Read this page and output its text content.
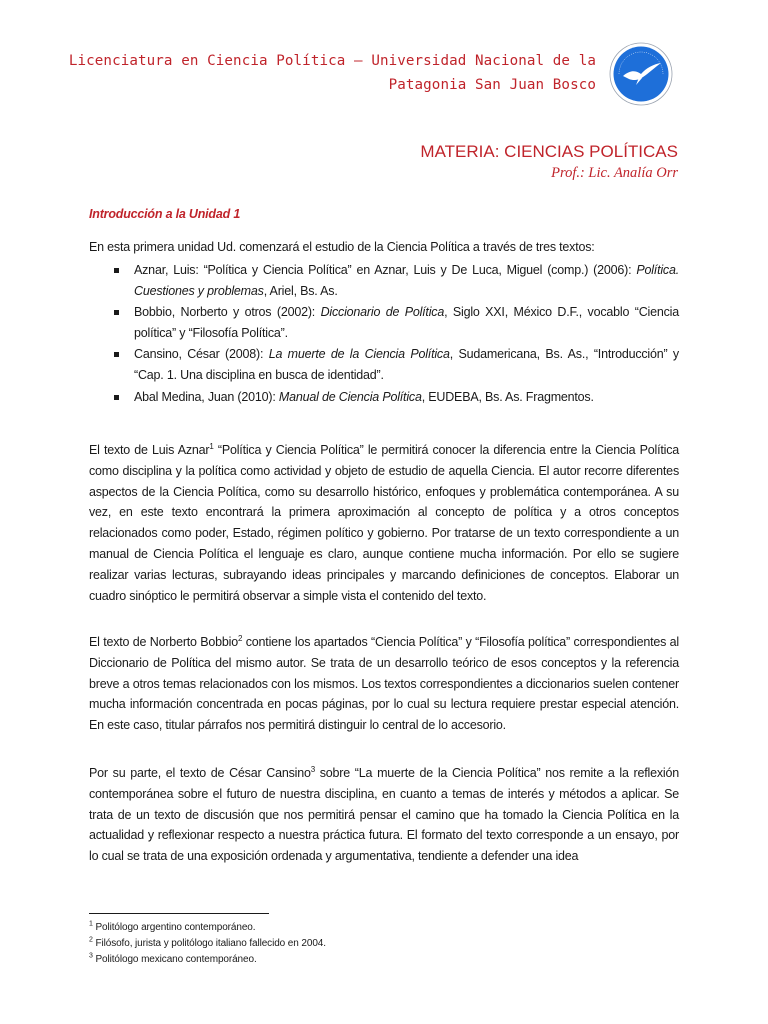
Licenciatura en Ciencia Política – Universidad Nacional de la
Patagonia San Juan Bosco
MATERIA: CIENCIAS POLÍTICAS
Prof.: Lic. Analía Orr
Introducción a la Unidad 1
En esta primera unidad Ud. comenzará el estudio de la Ciencia Política a través de tres textos:
Aznar, Luis: “Política y Ciencia Política” en Aznar, Luis y De Luca, Miguel (comp.) (2006): Política. Cuestiones y problemas, Ariel, Bs. As.
Bobbio, Norberto y otros (2002): Diccionario de Política, Siglo XXI, México D.F., vocablo “Ciencia política” y “Filosofía Política”.
Cansino, César (2008): La muerte de la Ciencia Política, Sudamericana, Bs. As., “Introducción” y “Cap. 1. Una disciplina en busca de identidad”.
Abal Medina, Juan (2010): Manual de Ciencia Política, EUDEBA, Bs. As. Fragmentos.

El texto de Luis Aznar$^1$ “Política y Ciencia Política” le permitirá conocer la diferencia entre la Ciencia Política como disciplina y la política como actividad y objeto de estudio de aquella Ciencia. El autor recorre diferentes aspectos de la Ciencia Política, como su desarrollo histórico, enfoques y problemática contemporánea. A su vez, en este texto encontrará la primera aproximación al concepto de política y a otros conceptos relacionados como poder, Estado, régimen político y gobierno. Por tratarse de un texto correspondiente a un manual de Ciencia Política el lenguaje es claro, aunque contiene mucha información. Por ello se sugiere realizar varias lecturas, subrayando ideas principales y marcando definiciones de conceptos. Elaborar un cuadro sinóptico le permitirá observar a simple vista el contenido del texto.

El texto de Norberto Bobbio$^2$ contiene los apartados “Ciencia Política” y “Filosofía política” correspondientes al Diccionario de Política del mismo autor. Se trata de un desarrollo teórico de esos conceptos y la referencia breve a otros temas relacionados con los mismos. Los textos correspondientes a diccionarios suelen contener mucha información concentrada en pocas páginas, por lo cual su lectura requiere prestar especial atención. En este caso, titular párrafos nos permitirá distinguir lo central de lo accesorio.

Por su parte, el texto de César Cansino$^3$ sobre “La muerte de la Ciencia Política” nos remite a la reflexión contemporánea sobre el futuro de nuestra disciplina, en cuanto a temas de interés y métodos a aplicar. Se trata de un texto de discusión que nos permitirá pensar el camino que ha tomado la Ciencia Política en la actualidad y reflexionar respecto a nuestra práctica futura. El formato del texto corresponde a un ensayo, por lo cual se trata de una exposición ordenada y argumentativa, tendiente a defender una idea

$^1$ Politólogo argentino contemporáneo.
$^2$ Filósofo, jurista y politólogo italiano fallecido en 2004.
$^3$ Politólogo mexicano contemporáneo.
